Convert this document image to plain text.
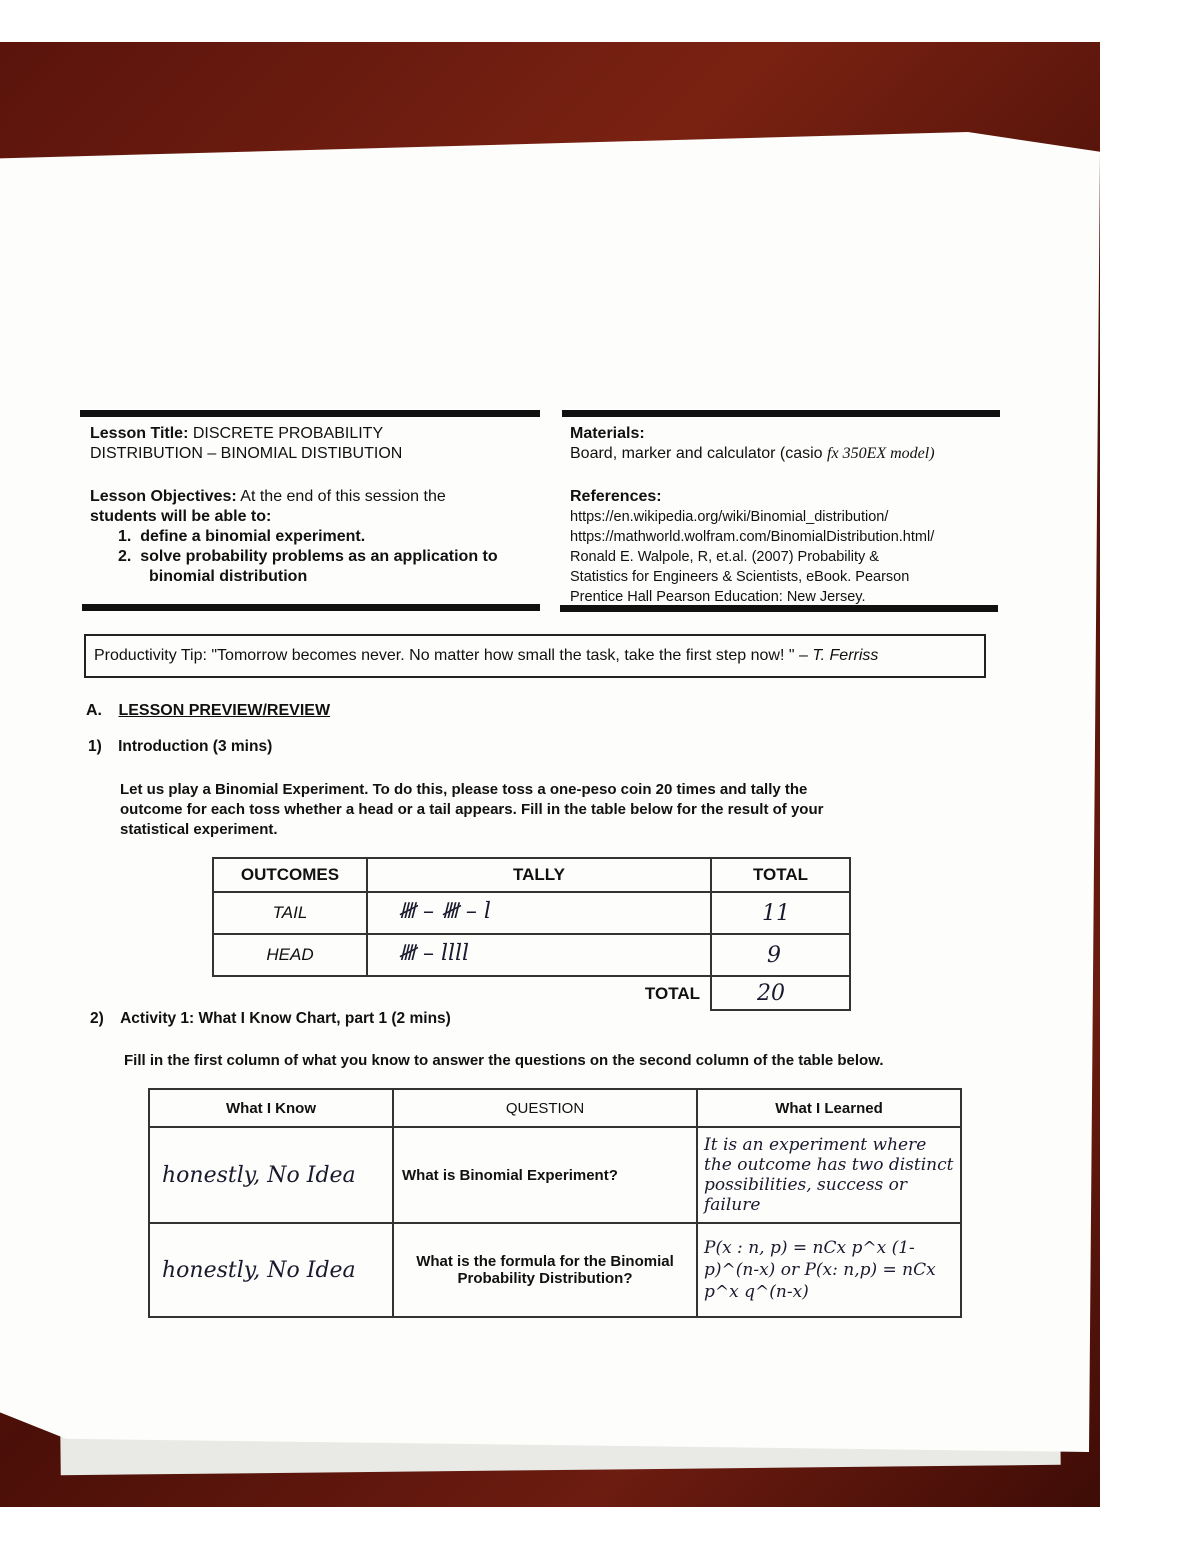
Lesson Title: DISCRETE PROBABILITY
DISTRIBUTION – BINOMIAL DISTIBUTION
Lesson Objectives: At the end of this session the
students will be able to:
1. define a binomial experiment.
2. solve probability problems as an application to
binomial distribution
Materials:
Board, marker and calculator (casio fx 350EX model)
References:
https://en.wikipedia.org/wiki/Binomial_distribution/
https://mathworld.wolfram.com/BinomialDistribution.html/
Ronald E. Walpole, R, et.al. (2007) Probability &
Statistics for Engineers & Scientists, eBook. Pearson
Prentice Hall Pearson Education: New Jersey.
Productivity Tip: "Tomorrow becomes never. No matter how small the task, take the first step now! " – T. Ferriss
A. LESSON PREVIEW/REVIEW
1) Introduction (3 mins)
Let us play a Binomial Experiment. To do this, please toss a one-peso coin 20 times and tally the
outcome for each toss whether a head or a tail appears. Fill in the table below for the result of your
statistical experiment.
OUTCOMES	TALLY	TOTAL
TAIL	𝍸 – 𝍸 – l	11
HEAD	𝍸 – llll	9
	TOTAL	20
2) Activity 1: What I Know Chart, part 1 (2 mins)
Fill in the first column of what you know to answer the questions on the second column of the table below.
What I Know	QUESTION	What I Learned
honestly, No Idea	What is Binomial Experiment?	It is an experiment where the outcome has two distinct possibilities, success or failure
honestly, No Idea	What is the formula for the Binomial Probability Distribution?	P(x : n, p) = nCx p^x (1-p)^(n-x) or P(x: n,p) = nCx p^x q^(n-x)
